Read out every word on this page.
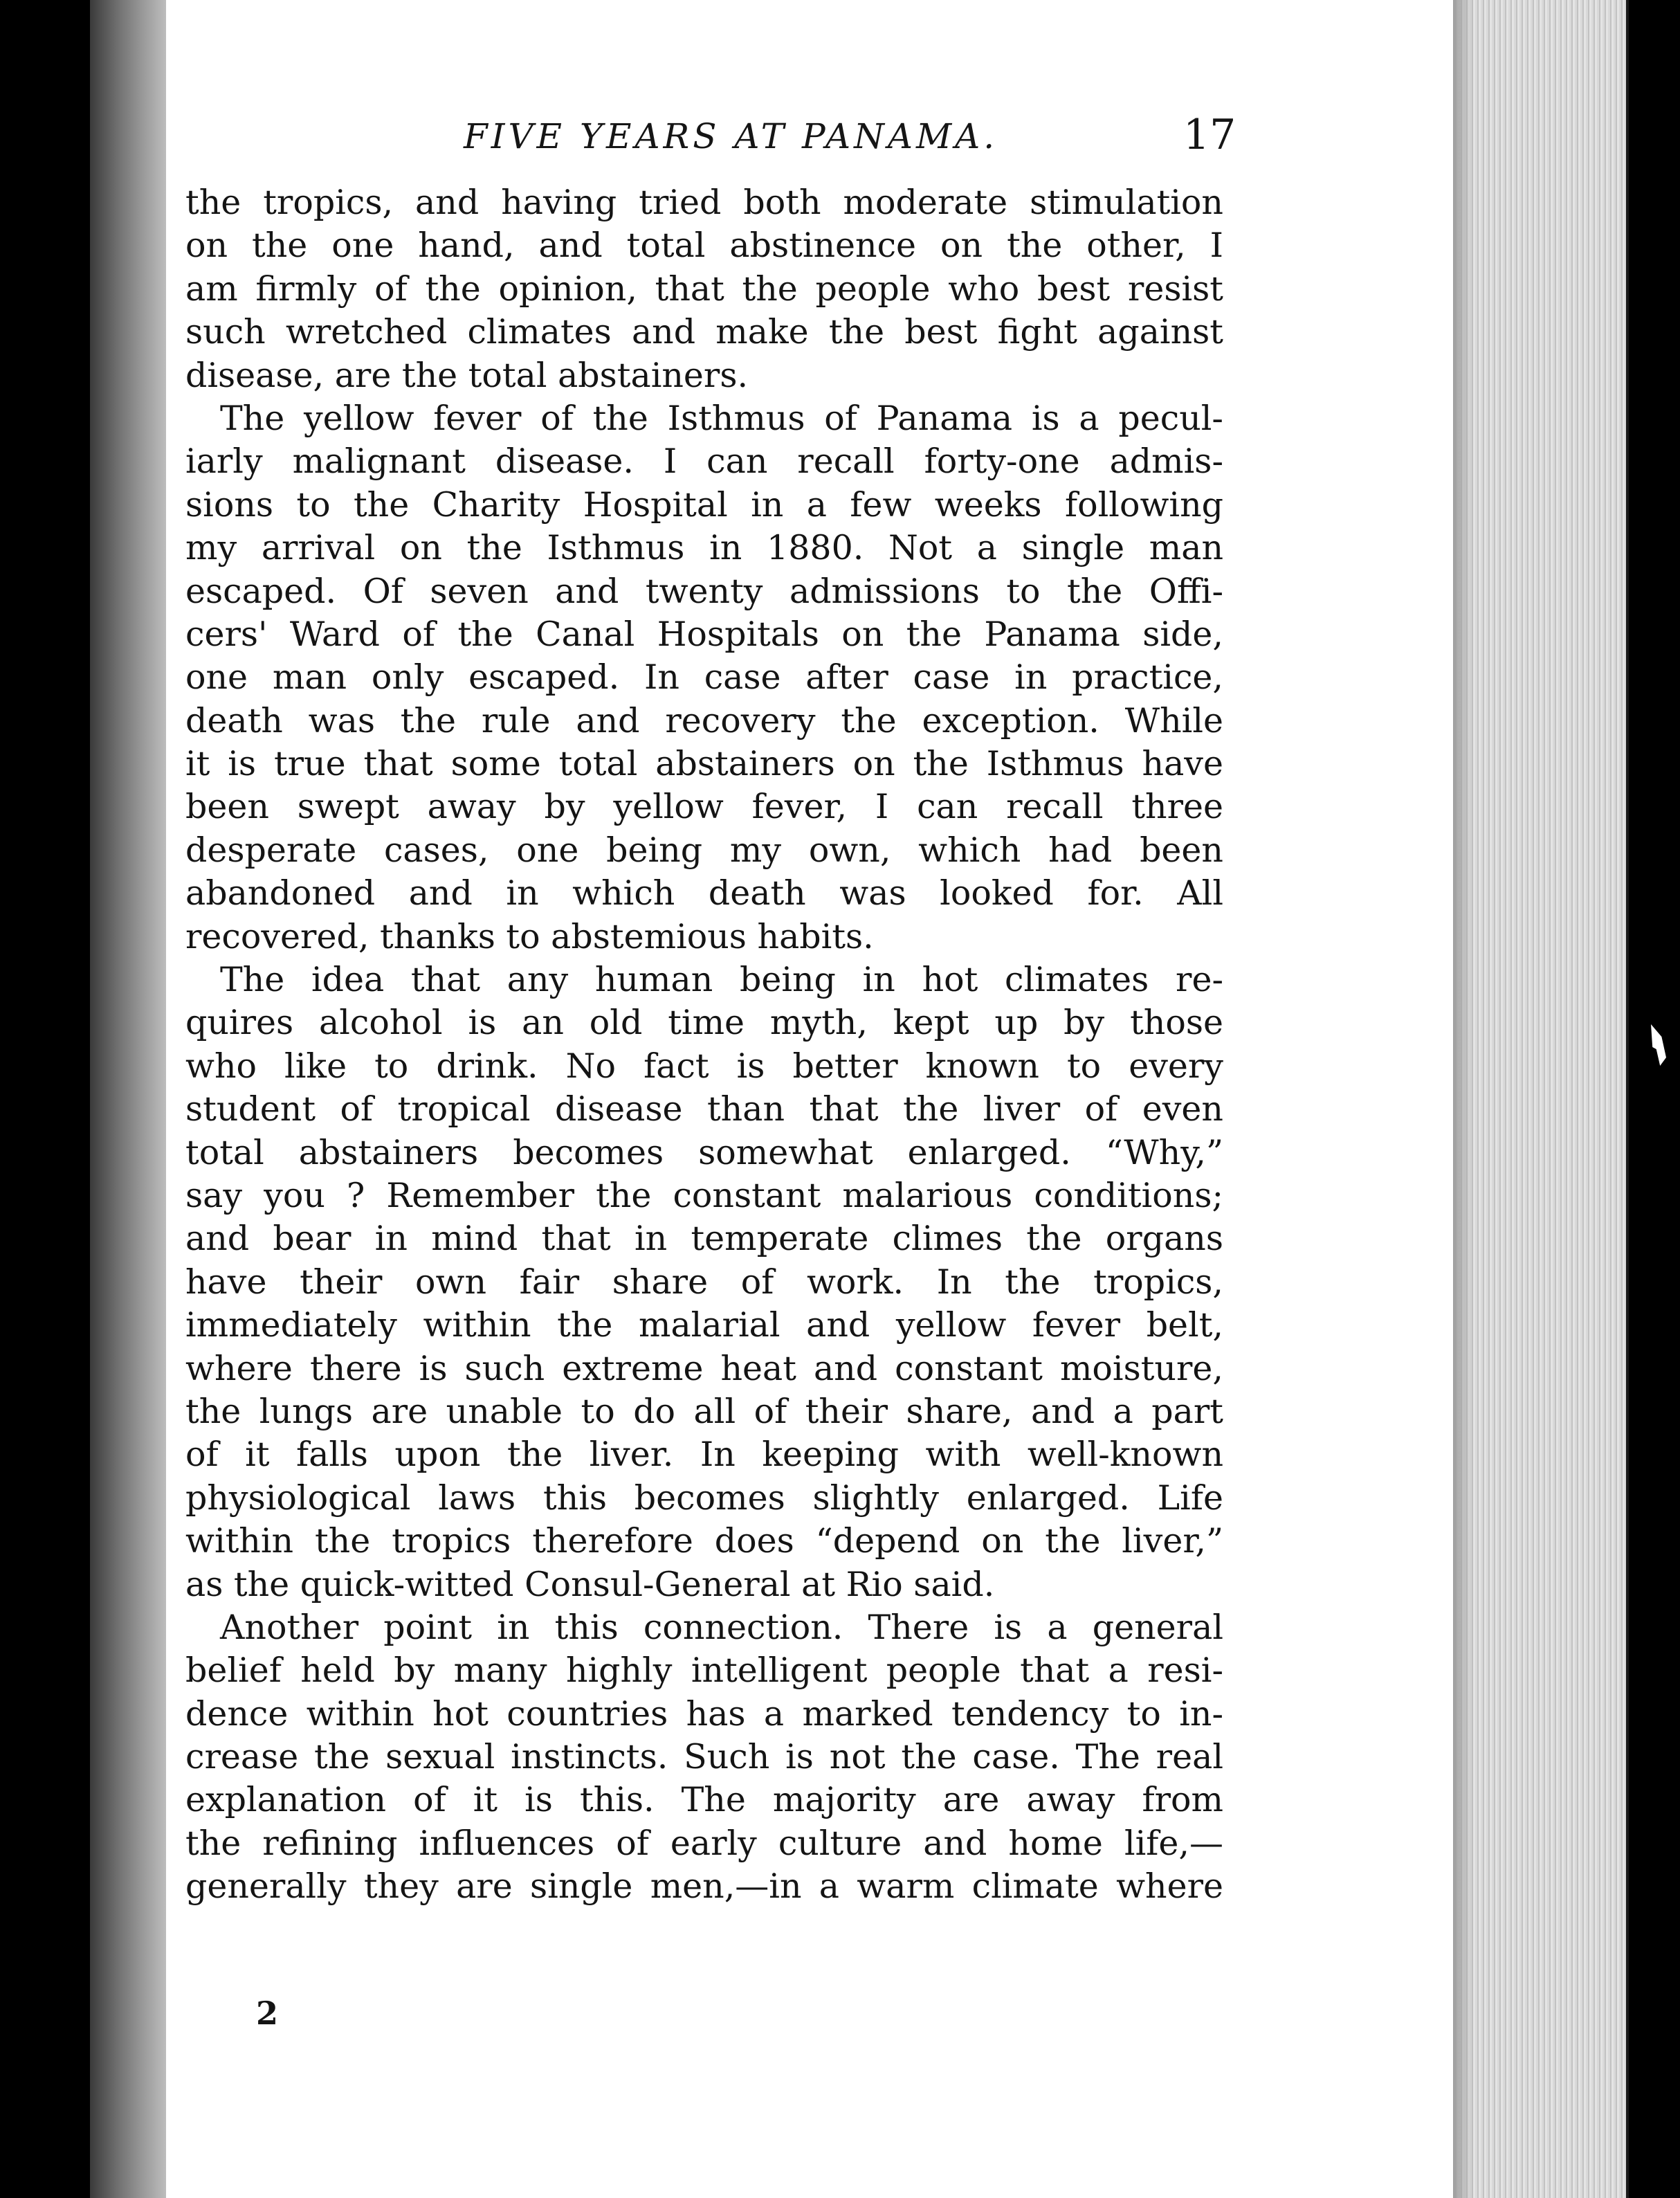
FIVE YEARS AT PANAMA.	17
the tropics, and having tried both moderate stimulation
on the one hand, and total abstinence on the other, I
am firmly of the opinion, that the people who best resist
such wretched climates and make the best fight against
disease, are the total abstainers.
The yellow fever of the Isthmus of Panama is a pecul-
iarly malignant disease. I can recall forty-one admis-
sions to the Charity Hospital in a few weeks following
my arrival on the Isthmus in 1880. Not a single man
escaped. Of seven and twenty admissions to the Offi-
cers' Ward of the Canal Hospitals on the Panama side,
one man only escaped. In case after case in practice,
death was the rule and recovery the exception. While
it is true that some total abstainers on the Isthmus have
been swept away by yellow fever, I can recall three
desperate cases, one being my own, which had been
abandoned and in which death was looked for. All
recovered, thanks to abstemious habits.
The idea that any human being in hot climates re-
quires alcohol is an old time myth, kept up by those
who like to drink. No fact is better known to every
student of tropical disease than that the liver of even
total abstainers becomes somewhat enlarged. “Why,”
say you ? Remember the constant malarious conditions;
and bear in mind that in temperate climes the organs
have their own fair share of work. In the tropics,
immediately within the malarial and yellow fever belt,
where there is such extreme heat and constant moisture,
the lungs are unable to do all of their share, and a part
of it falls upon the liver. In keeping with well-known
physiological laws this becomes slightly enlarged. Life
within the tropics therefore does “depend on the liver,”
as the quick-witted Consul-General at Rio said.
Another point in this connection. There is a general
belief held by many highly intelligent people that a resi-
dence within hot countries has a marked tendency to in-
crease the sexual instincts. Such is not the case. The real
explanation of it is this. The majority are away from
the refining influences of early culture and home life,—
generally they are single men,—in a warm climate where
2
